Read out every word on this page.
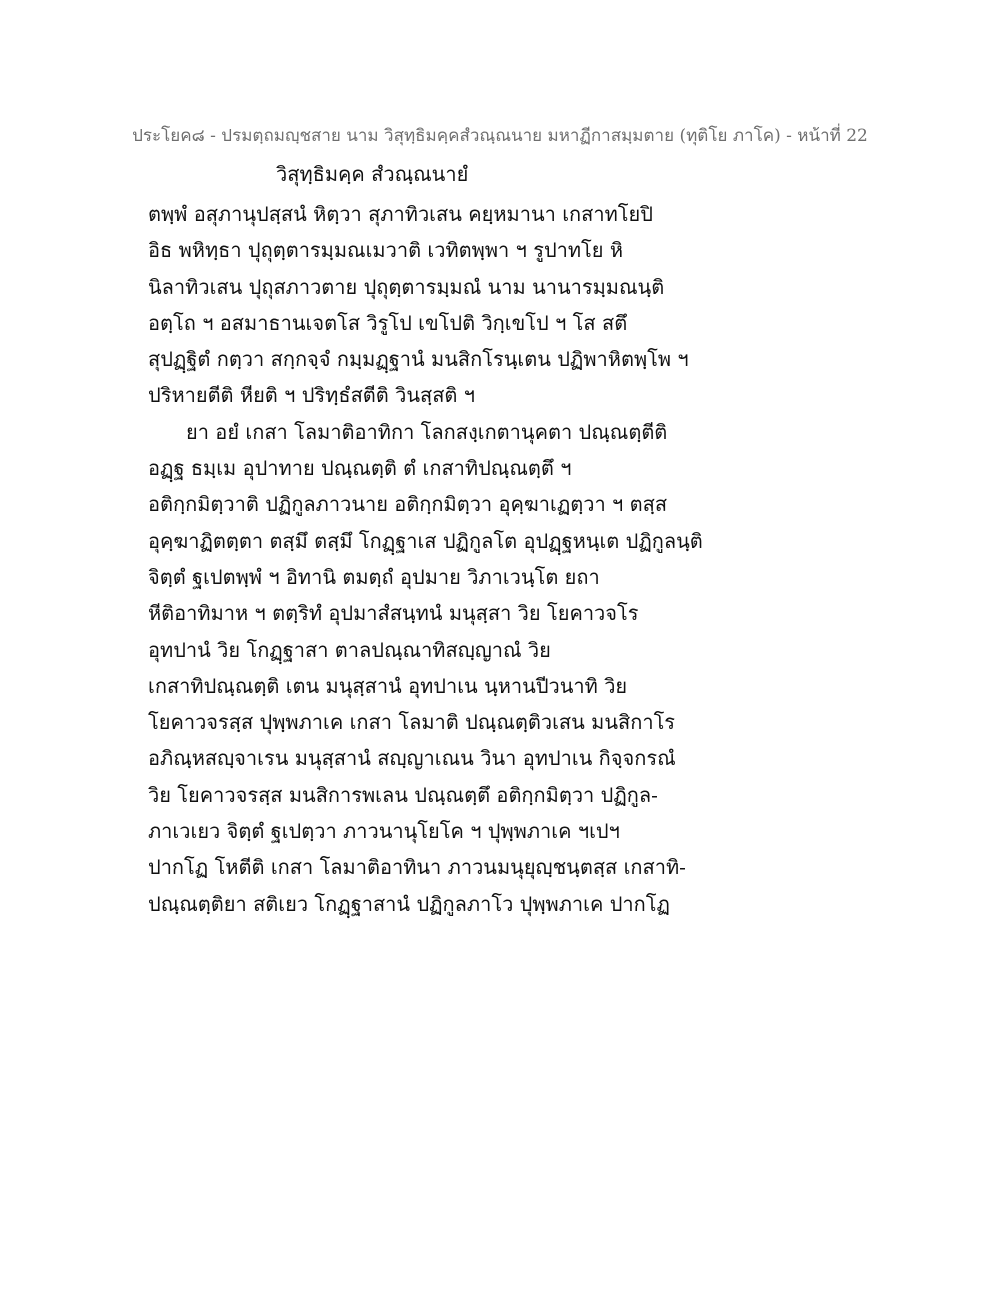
ประโยค๘ - ปรมตฺถมญฺชสาย นาม วิสุทฺธิมคฺคสํวณฺณนาย มหาฏีกาสมฺมตาย (ทุติโย ภาโค) - หน้าที่ 22
วิสุทฺธิมคฺค สํวณฺณนายํ
ตพฺพํ อสุภานุปสฺสนํ หิตฺวา สุภาทิวเสน คยฺหมานา เกสาทโยปิ
อิธ พหิทฺธา ปุถุตฺตารมฺมณเมวาติ เวทิตพฺพา ฯ รูปาทโย หิ
นิลาทิวเสน ปุถุสภาวตาย ปุถุตฺตารมฺมณํ นาม นานารมฺมณนฺติ
อตฺโถ ฯ อสมาธานเจตโส วิรูโป เขโปติ วิกฺเขโป ฯ โส สตึ
สุปฏฺฐิตํ กตฺวา สกฺกจฺจํ กมฺมฏฺฐานํ มนสิกโรนฺเตน ปฏิพาหิตพฺโพ ฯ
ปริหายตีติ หียติ ฯ ปริทฺธํสตีติ วินสฺสติ ฯ
ยา อยํ เกสา โลมาติอาทิกา โลกสงฺเกตานุคตา ปณฺณตฺตีติ
อฏฺฐ ธมฺเม อุปาทาย ปณฺณตฺติ ตํ เกสาทิปณฺณตฺตึ ฯ
อติกฺกมิตฺวาติ ปฏิกูลภาวนาย อติกฺกมิตฺวา อุคฺฆาเฏตฺวา ฯ ตสฺส
อุคฺฆาฏิตตฺตา ตสฺมึ ตสฺมึ โกฏฺฐาเส ปฏิกูลโต อุปฏฺฐหนฺเต ปฏิกูลนฺติ
จิตฺตํ ฐเปตพฺพํ ฯ อิทานิ ตมตฺถํ อุปมาย วิภาเวนฺโต ยถา
หีติอาทิมาห ฯ ตตฺริทํ อุปมาสํสนฺทนํ มนุสฺสา วิย โยคาวจโร
อุทปานํ วิย โกฏฺฐาสา ตาลปณฺณาทิสญฺญาณํ วิย
เกสาทิปณฺณตฺติ เตน มนุสฺสานํ อุทปาเน นฺหานปีวนาทิ วิย
โยคาวจรสฺส ปุพฺพภาเค เกสา โลมาติ ปณฺณตฺติวเสน มนสิกาโร
อภิณฺหสญฺจาเรน มนุสฺสานํ สญฺญาเณน วินา อุทปาเน กิจฺจกรณํ
วิย โยคาวจรสฺส มนสิการพเลน ปณฺณตฺตึ อติกฺกมิตฺวา ปฏิกูล-
ภาเวเยว จิตฺตํ ฐเปตฺวา ภาวนานุโยโค ฯ ปุพฺพภาเค ฯเปฯ
ปากโฏ โหตีติ เกสา โลมาติอาทินา ภาวนมนุยุญฺชนฺตสฺส เกสาทิ-
ปณฺณตฺติยา สติเยว โกฏฺฐาสานํ ปฏิกูลภาโว ปุพฺพภาเค ปากโฏ
